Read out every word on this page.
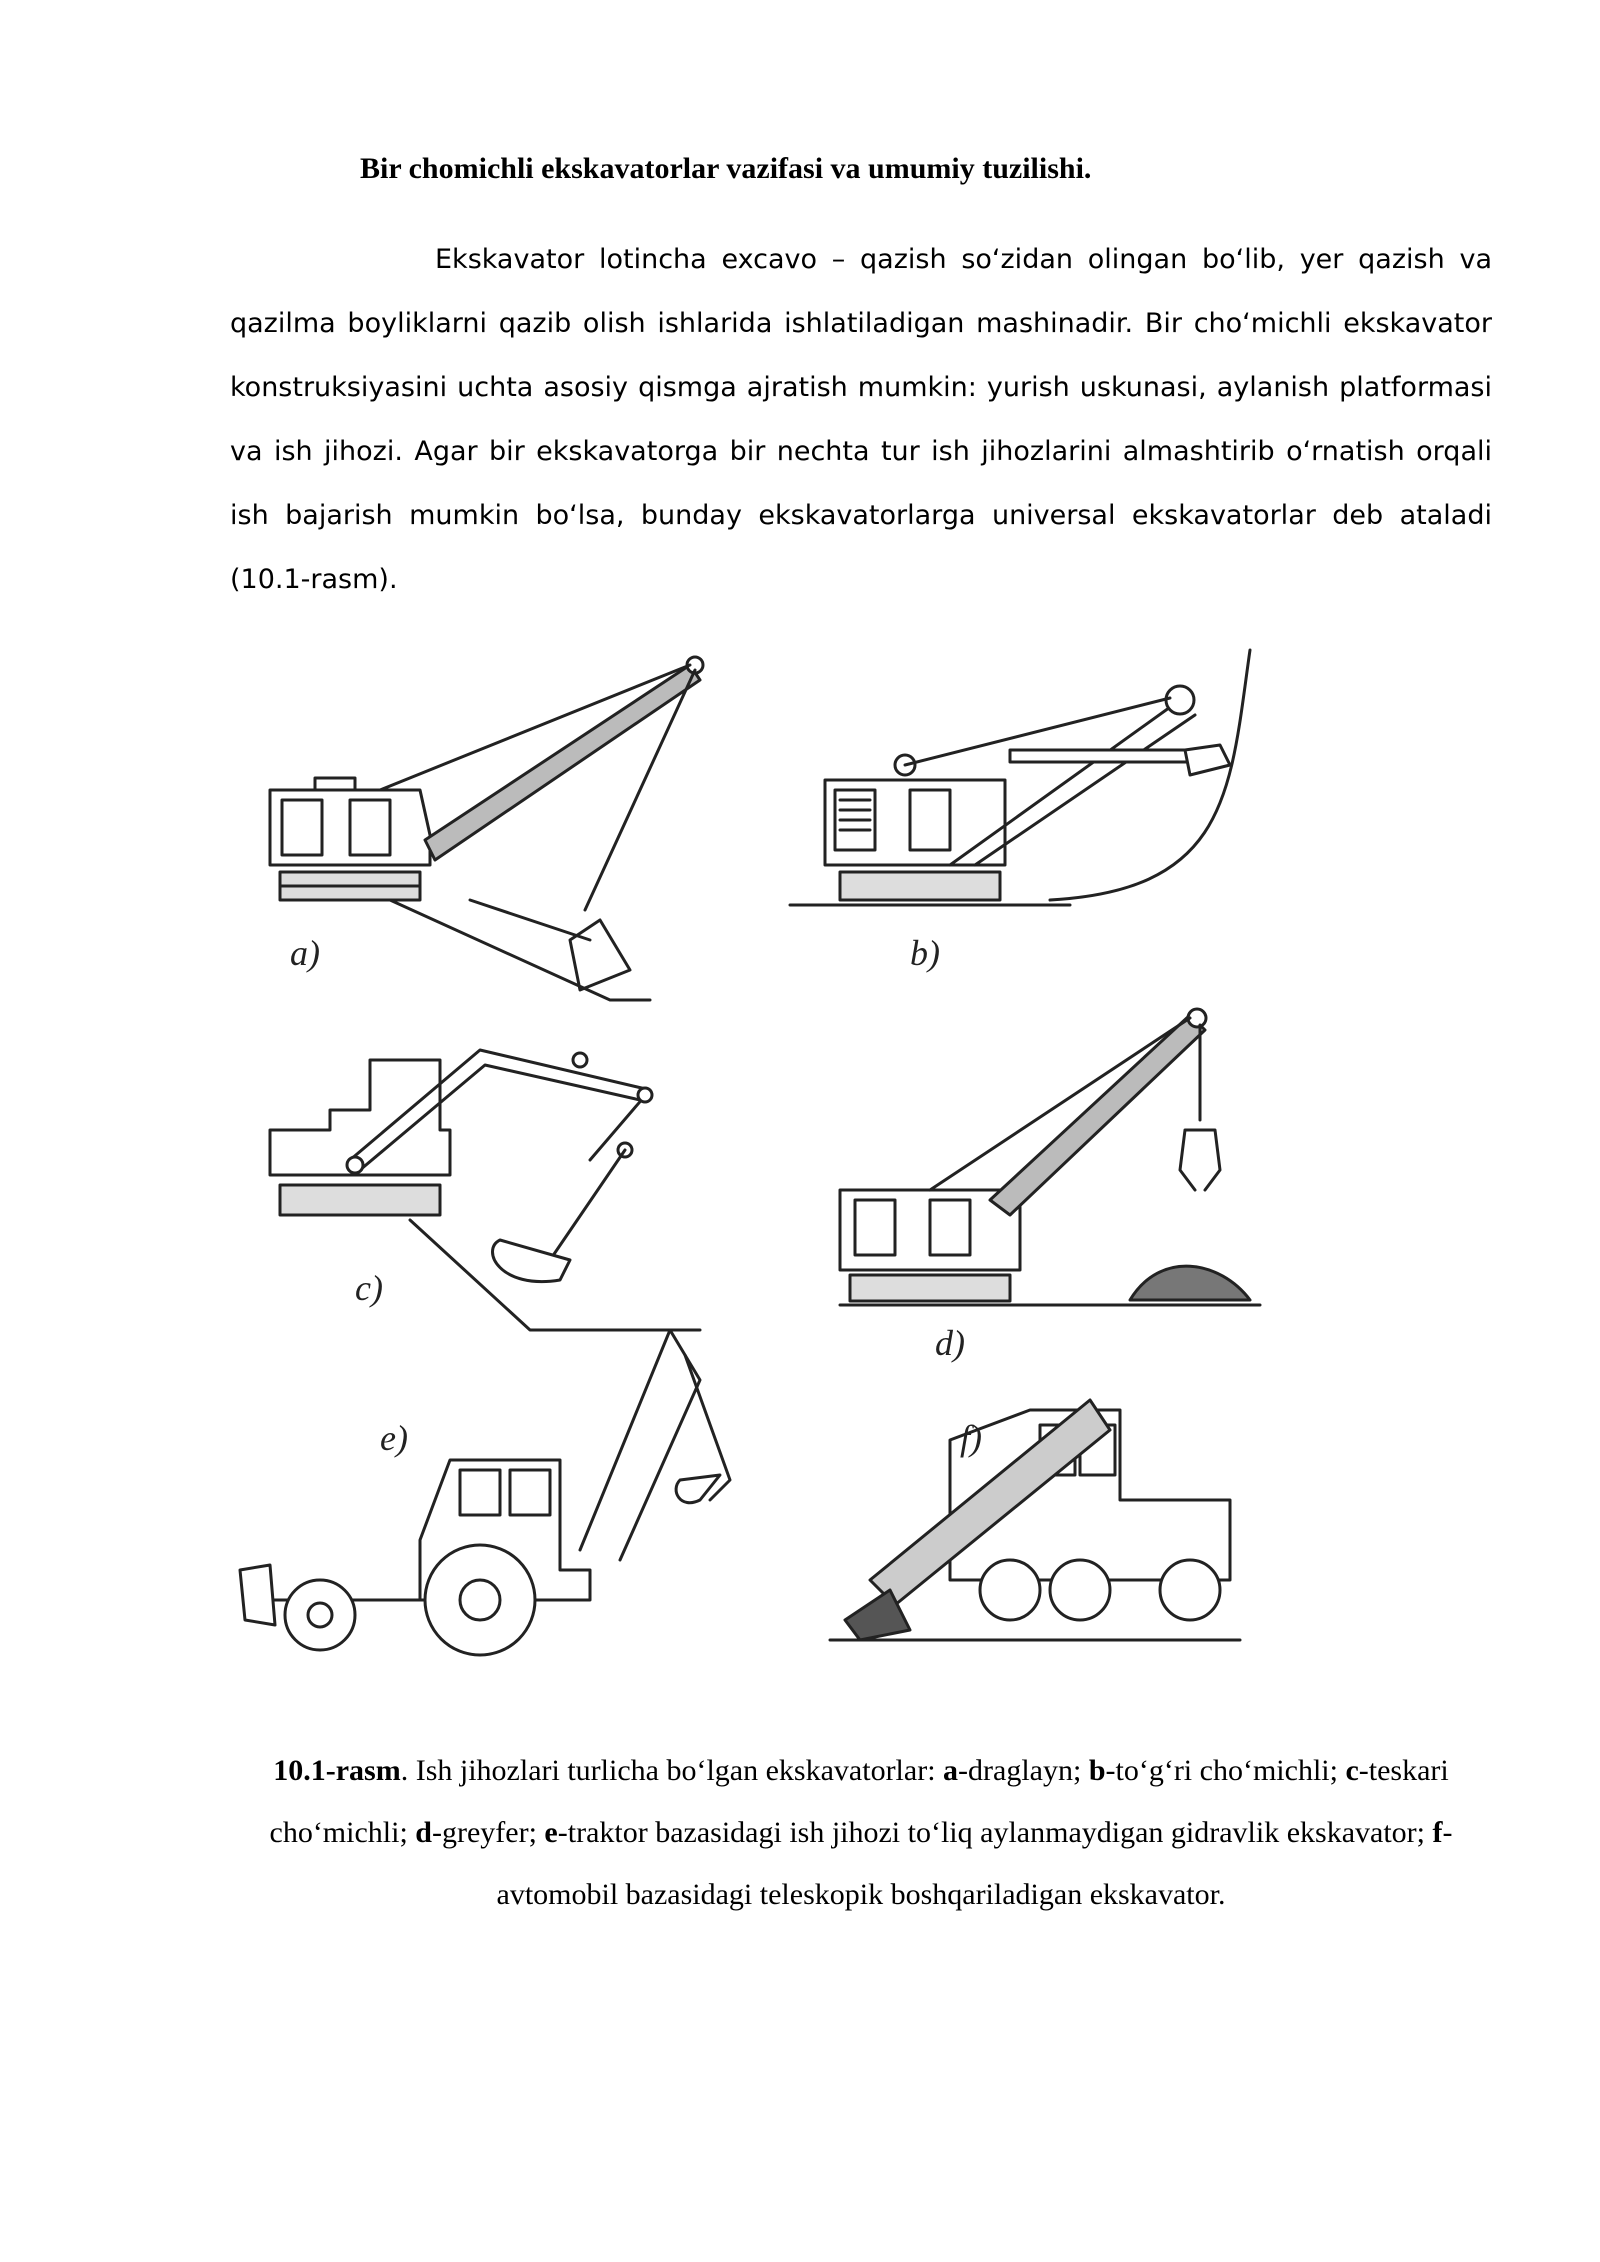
Bir chomichli ekskavatorlar vazifasi va umumiy tuzilishi.

Ekskavator lotincha excavo – qazish so‘zidan olingan bo‘lib, yer qazish va qazilma boyliklarni qazib olish ishlarida ishlatiladigan mashinadir. Bir cho‘michli ekskavator konstruksiyasini uchta asosiy qismga ajratish mumkin: yurish uskunasi, aylanish platformasi va ish jihozi. Agar bir ekskavatorga bir nechta tur ish jihozlarini almashtirib o‘rnatish orqali ish bajarish mumkin bo‘lsa, bunday ekskavatorlarga universal ekskavatorlar deb ataladi (10.1-rasm).

a)	b)
c)
d)
e)	f)

10.1-rasm. Ish jihozlari turlicha bo‘lgan ekskavatorlar: a-draglayn; b-to‘g‘ri cho‘michli; c-teskari cho‘michli; d-greyfer; e-traktor bazasidagi ish jihozi to‘liq aylanmaydigan gidravlik ekskavator; f-avtomobil bazasidagi teleskopik boshqariladigan ekskavator.
